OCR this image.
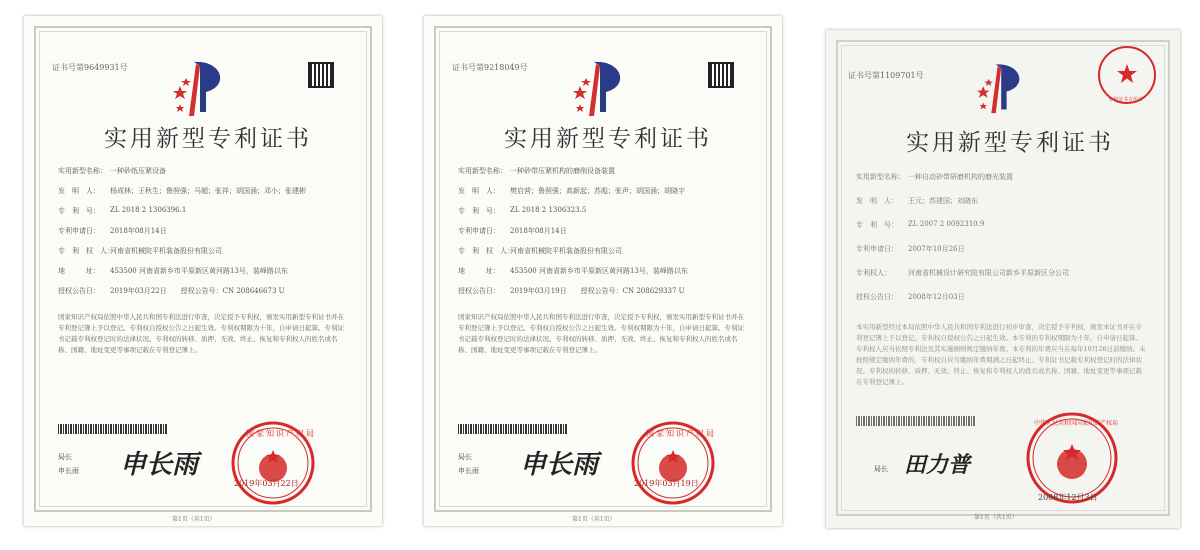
证书号第9649931号
实用新型专利证书
实用新型名称： 一种砂纸压紧设备
发　明　人：	杨成林；王秋生；鲁照强；马超；张祥；胡国涌；邓小；张建彬
专　利　号：	ZL 2018 2 1306396.1
专利申请日：	2018年08月14日
专　利　权　人：
河南省机械院平机装备股份有限公司
地　　　址：	453500 河南省新乡市平原新区黄河路13号，装峰路以东
授权公告日：	2019年03月22日　　授权公告号：CN 208646673 U
国家知识产权局依照中华人民共和国专利法进行审查，决定授予专利权，颁发实用新型专利证书并在专利登记簿上予以登记。专利权自授权公告之日起生效。专利权期限为十年，自申请日起算。专利证书记载专利权登记时的法律状况。专利权的转移、质押、无效、终止、恢复和专利权人的姓名或名称、国籍、地址变更等事项记载在专利登记簿上。
局长
申长雨 申长雨
国家知识产权局
2019年03月22日
第1页（共1页）
证书号第9218049号
实用新型专利证书
实用新型名称： 一种砂带压紧机构的磨削设备装置
发　明　人：	樊启营；鲁照强；高新起；苏彪；张声；胡国涌；胡晓宇
专　利　号：	ZL 2018 2 1306323.5
专利申请日：	2018年08月14日
专　利　权　人：
河南省机械院平机装备股份有限公司
地　　　址：	453500 河南省新乡市平原新区黄河路13号，装峰路以东
授权公告日：	2019年03月19日　　授权公告号：CN 208629337 U
国家知识产权局依照中华人民共和国专利法进行审查，决定授予专利权，颁发实用新型专利证书并在专利登记簿上予以登记。专利权自授权公告之日起生效。专利权期限为十年，自申请日起算。专利证书记载专利权登记时的法律状况。专利权的转移、质押、无效、终止、恢复和专利权人的姓名或名称、国籍、地址变更等事项记载在专利登记簿上。
局长
申长雨 申长雨
国家知识产权局
2019年03月19日
第1页（共1页）
证书号第1109701号
专利证书专用章
实用新型专利证书
实用新型名称： 一种自动砂带研磨机构的磨光装置
发　明　人：	王元；苏建国；刘晓东
专　利　号：	ZL 2007 2 0092310.9
专利申请日：	2007年10月26日
专利权人：	河南省机械设计研究院有限公司新乡平原新区分公司
授权公告日：	2008年12月03日
本实用新型经过本局依照中华人民共和国专利法进行初步审查，决定授予专利权，颁发本证书并在专利登记簿上予以登记。专利权自授权公告之日起生效。本专利的专利权期限为十年，自申请日起算。专利权人应当依照专利法及其实施细则规定缴纳年费。本专利的年费应当在每年10月26日前缴纳。未按照规定缴纳年费的，专利权自应当缴纳年费期满之日起终止。专利证书记载专利权登记时的法律状况。专利权的转移、质押、无效、终止、恢复和专利权人的姓名或名称、国籍、地址变更等事项记载在专利登记簿上。
局长 田力普
中华人民共和国国家知识产权局
2008年12月3日
第1页（共1页）
